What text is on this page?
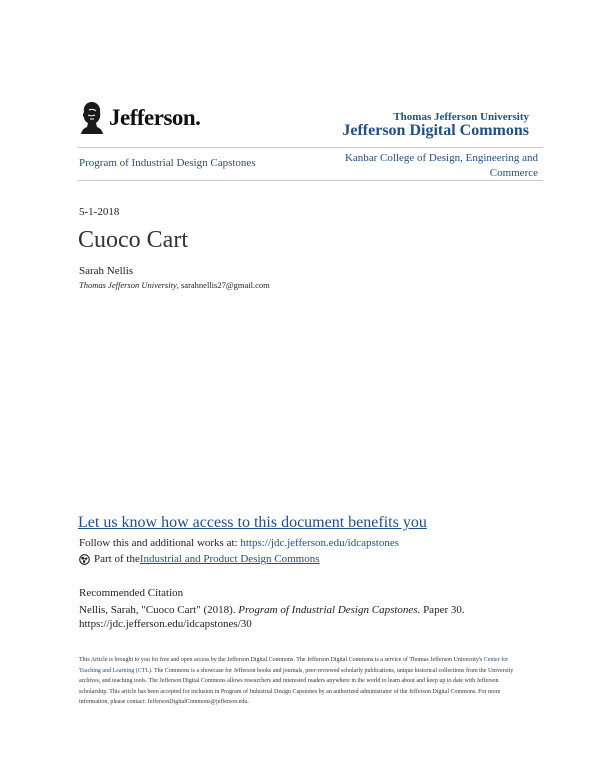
Jefferson.	Thomas Jefferson University
Jefferson Digital Commons
Program of Industrial Design Capstones	Kanbar College of Design, Engineering and Commerce
5-1-2018
Cuoco Cart
Sarah Nellis
Thomas Jefferson University, sarahnellis27@gmail.com
Let us know how access to this document benefits you
Follow this and additional works at: https://jdc.jefferson.edu/idcapstones
Part of the Industrial and Product Design Commons
Recommended Citation
Nellis, Sarah, "Cuoco Cart" (2018). Program of Industrial Design Capstones. Paper 30.
https://jdc.jefferson.edu/idcapstones/30
This Article is brought to you for free and open access by the Jefferson Digital Commons. The Jefferson Digital Commons is a service of Thomas Jefferson University's Center for Teaching and Learning (CTL). The Commons is a showcase for Jefferson books and journals, peer-reviewed scholarly publications, unique historical collections from the University archives, and teaching tools. The Jefferson Digital Commons allows researchers and interested readers anywhere in the world to learn about and keep up to date with Jefferson scholarship. This article has been accepted for inclusion in Program of Industrial Design Capstones by an authorized administrator of the Jefferson Digital Commons. For more information, please contact: JeffersonDigitalCommons@jefferson.edu.
